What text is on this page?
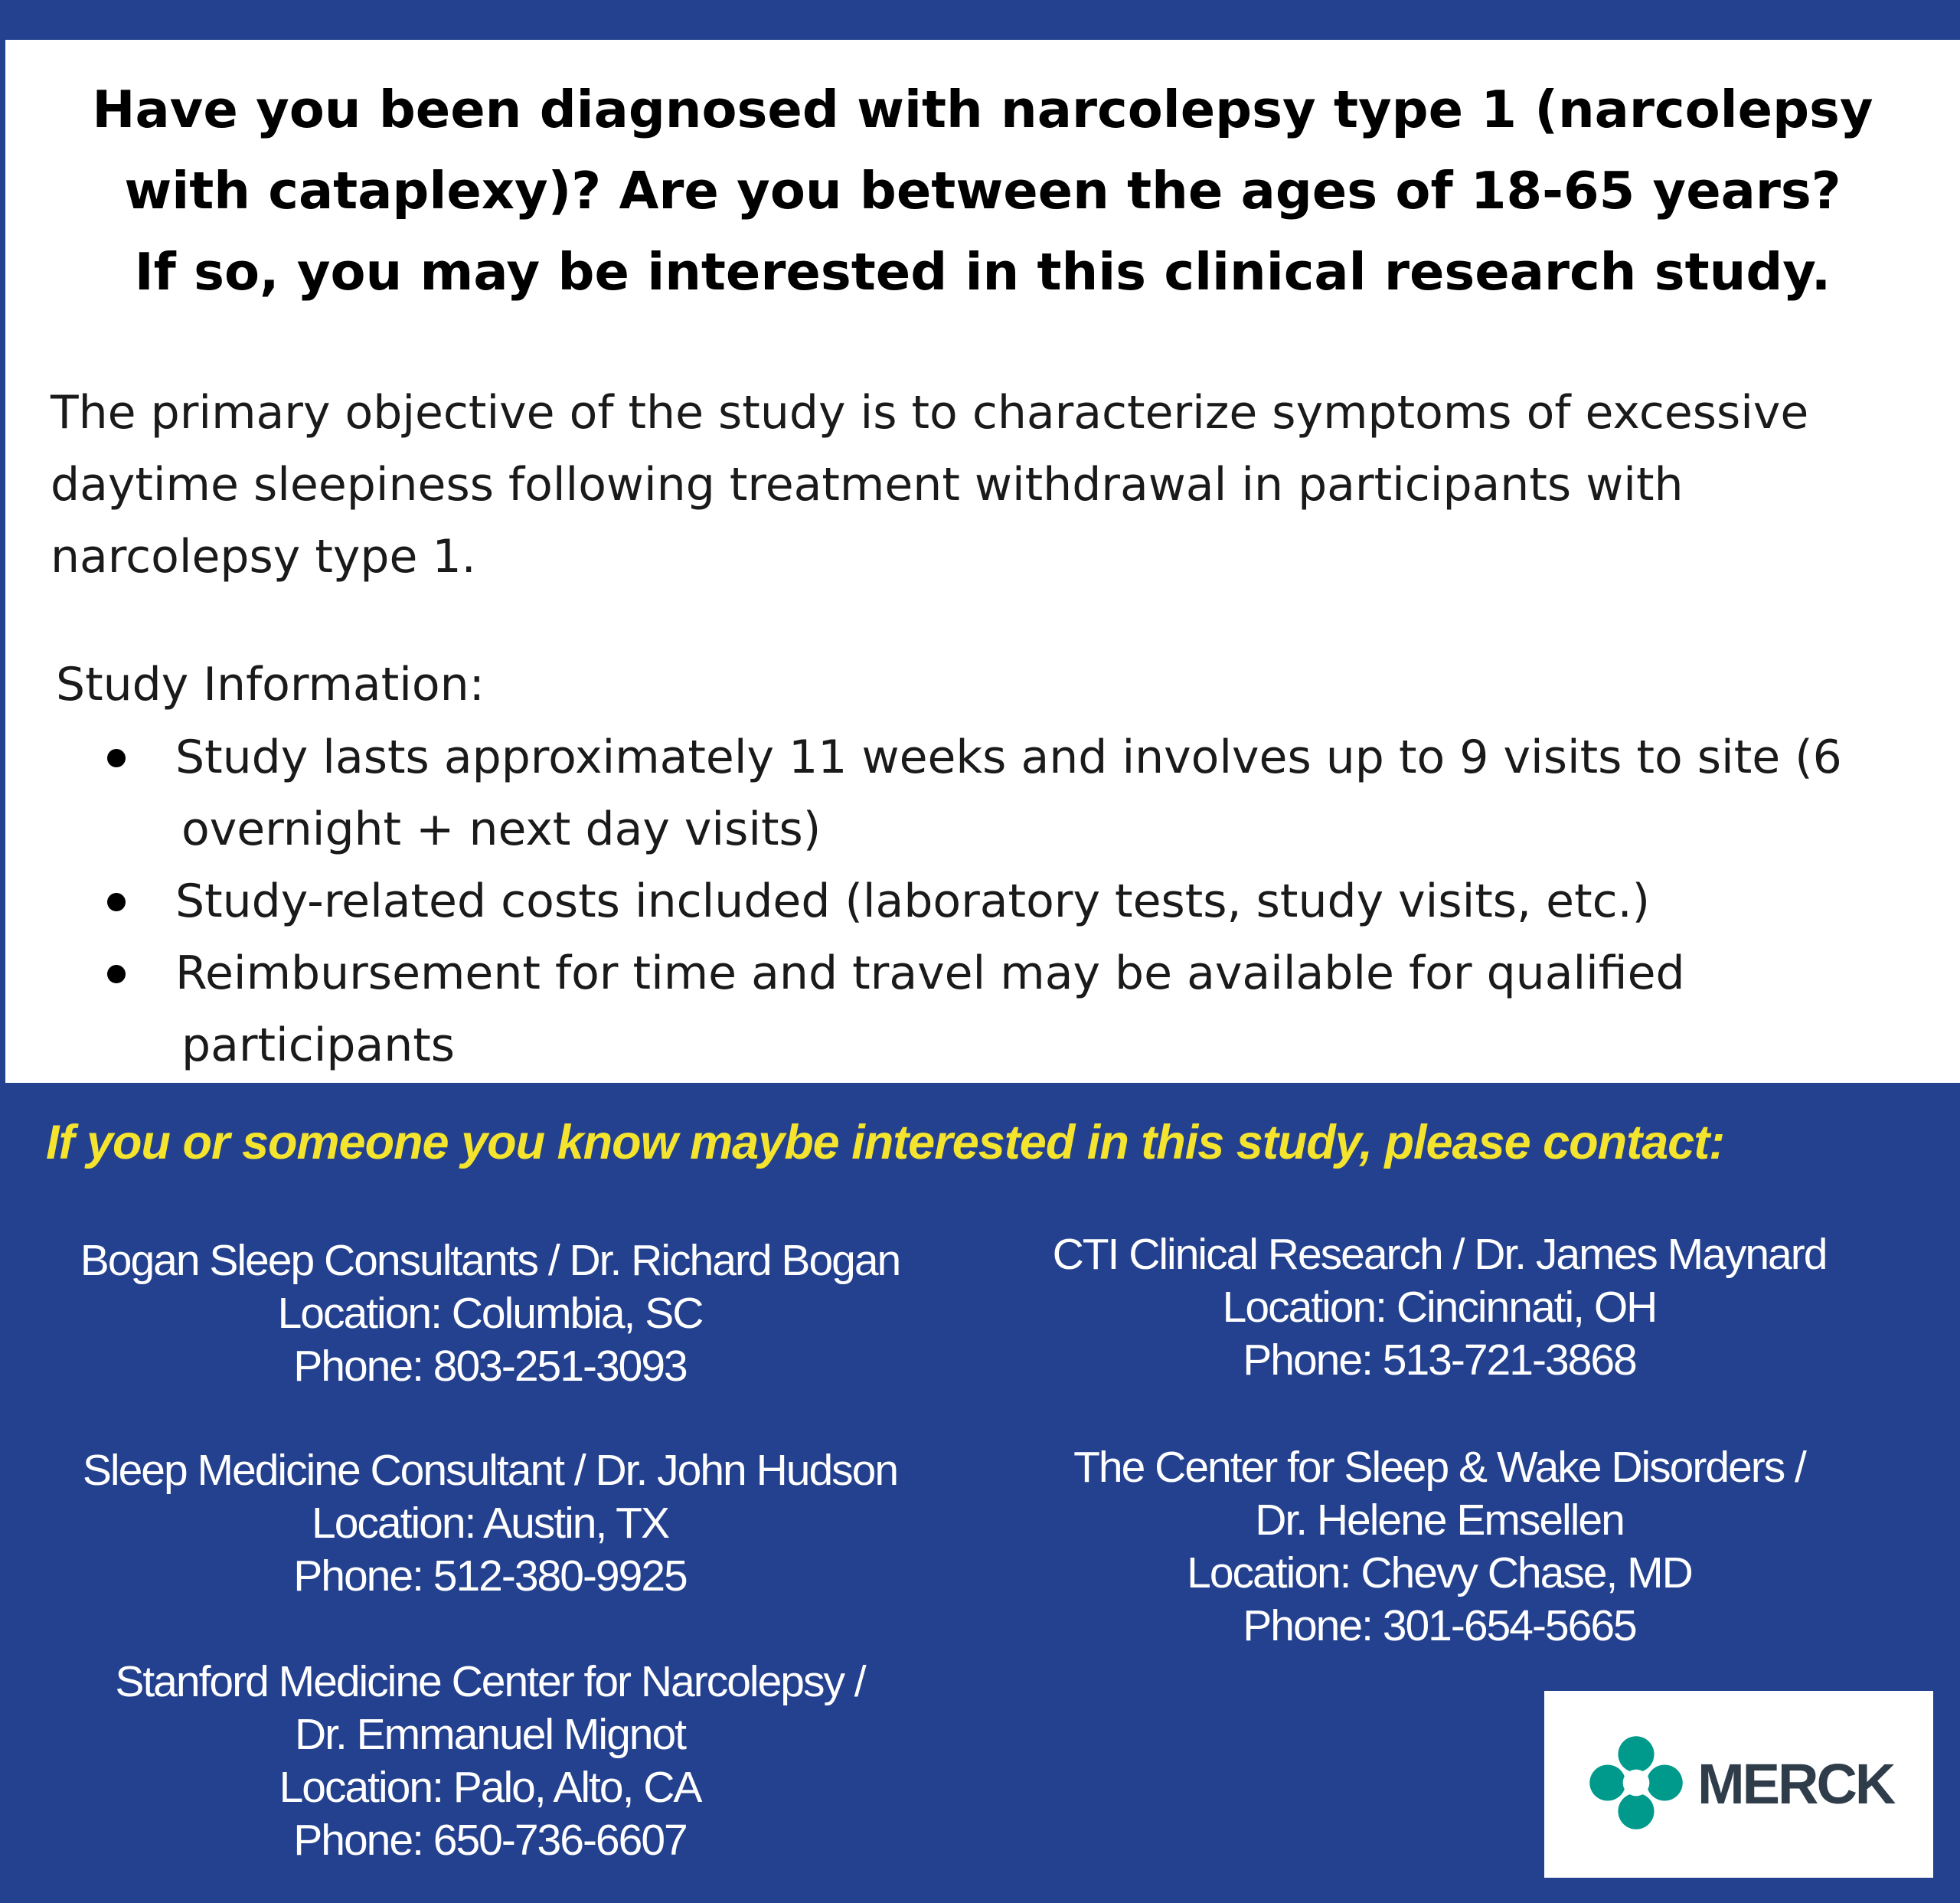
Have you been diagnosed with narcolepsy type 1 (narcolepsy
with cataplexy)? Are you between the ages of 18-65 years?
If so, you may be interested in this clinical research study.
The primary objective of the study is to characterize symptoms of excessive
daytime sleepiness following treatment withdrawal in participants with
narcolepsy type 1.
Study Information:
Study lasts approximately 11 weeks and involves up to 9 visits to site (6
overnight + next day visits)
Study-related costs included (laboratory tests, study visits, etc.)
Reimbursement for time and travel may be available for qualified
participants
If you or someone you know maybe interested in this study, please contact:
Bogan Sleep Consultants / Dr. Richard Bogan
Location: Columbia, SC
Phone: 803-251-3093
Sleep Medicine Consultant / Dr. John Hudson
Location: Austin, TX
Phone: 512-380-9925
Stanford Medicine Center for Narcolepsy /
Dr. Emmanuel Mignot
Location: Palo, Alto, CA
Phone: 650-736-6607
CTI Clinical Research / Dr. James Maynard
Location: Cincinnati, OH
Phone: 513-721-3868
The Center for Sleep & Wake Disorders /
Dr. Helene Emsellen
Location: Chevy Chase, MD
Phone: 301-654-5665
MERCK
